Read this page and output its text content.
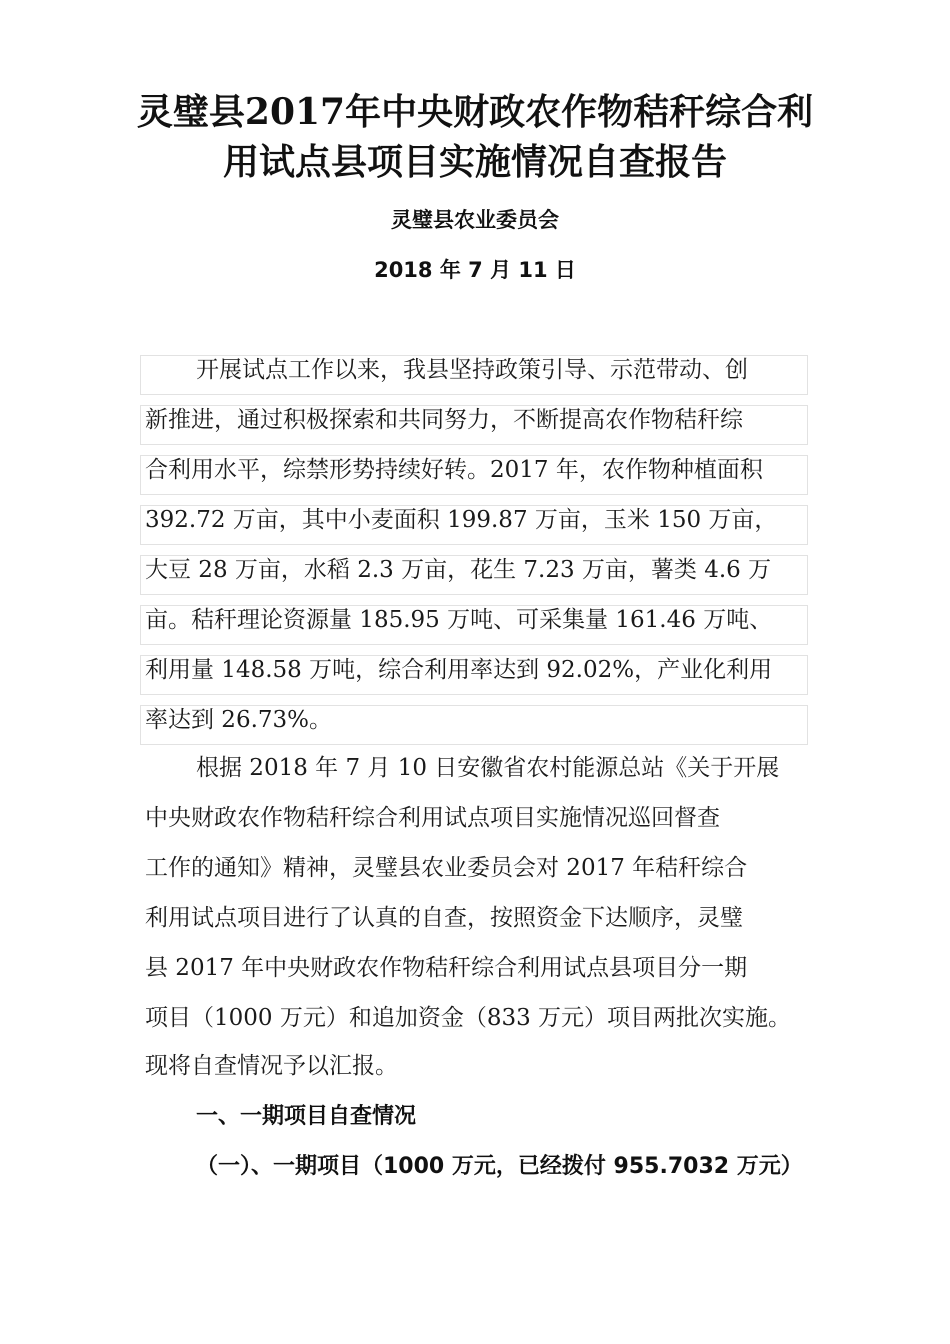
灵璧县2017年中央财政农作物秸秆综合利
用试点县项目实施情况自查报告
灵璧县农业委员会
2018 年 7 月 11 日
开展试点工作以来，我县坚持政策引导、示范带动、创
新推进，通过积极探索和共同努力，不断提高农作物秸秆综
合利用水平，综禁形势持续好转。2017 年，农作物种植面积
392.72 万亩，其中小麦面积 199.87 万亩，玉米 150 万亩，
大豆 28 万亩，水稻 2.3 万亩，花生 7.23 万亩，薯类 4.6 万
亩。秸秆理论资源量 185.95 万吨、可采集量 161.46 万吨、
利用量 148.58 万吨，综合利用率达到 92.02%，产业化利用
率达到 26.73%。
根据 2018 年 7 月 10 日安徽省农村能源总站《关于开展
中央财政农作物秸秆综合利用试点项目实施情况巡回督查
工作的通知》精神，灵璧县农业委员会对 2017 年秸秆综合
利用试点项目进行了认真的自查，按照资金下达顺序，灵璧
县 2017 年中央财政农作物秸秆综合利用试点县项目分一期
项目（1000 万元）和追加资金（833 万元）项目两批次实施。
现将自查情况予以汇报。
一、一期项目自查情况
（一）、一期项目（1000 万元，已经拨付 955.7032 万元）
